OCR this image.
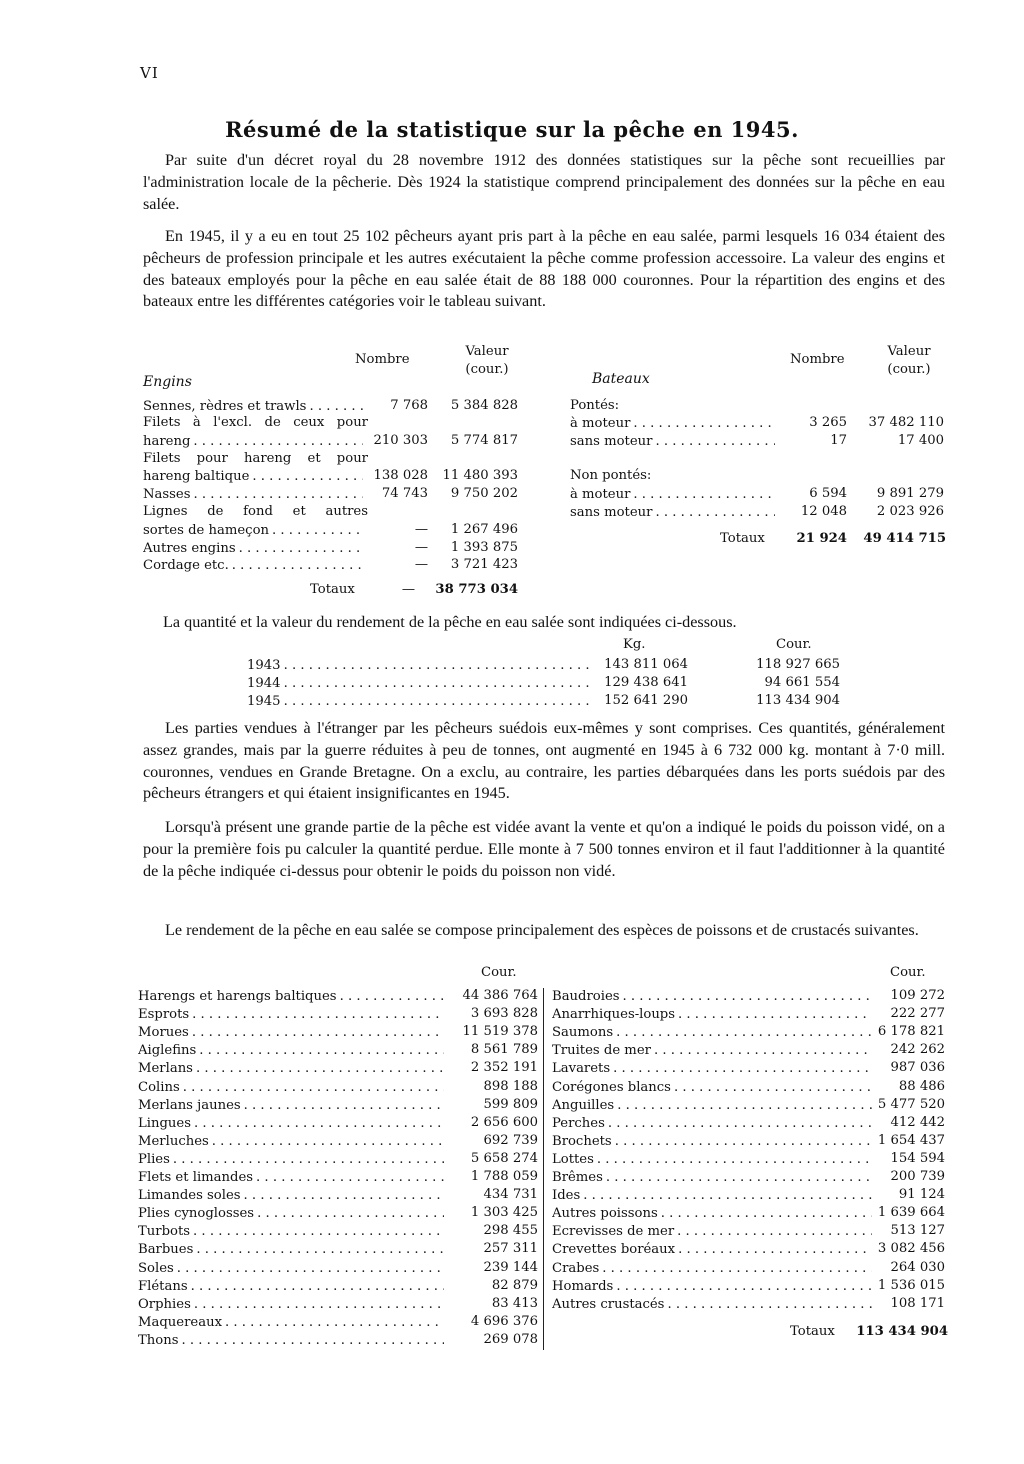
VI
Résumé de la statistique sur la pêche en 1945.
Par suite d'un décret royal du 28 novembre 1912 des données statistiques sur la pêche sont recueillies par l'administration locale de la pêcherie. Dès 1924 la statistique comprend principalement des données sur la pêche en eau salée.
En 1945, il y a eu en tout 25 102 pêcheurs ayant pris part à la pêche en eau salée, parmi lesquels 16 034 étaient des pêcheurs de profession principale et les autres exécutaient la pêche comme profession accessoire. La valeur des engins et des bateaux employés pour la pêche en eau salée était de 88 188 000 couronnes. Pour la répartition des engins et des bateaux entre les différentes catégories voir le tableau suivant.
Engins
Nombre
Valeur
(cour.)
Sennes, rèdres et trawls . . .	7 768	5 384 828
Filets à l'excl. de ceux pour
hareng . . .	210 303	5 774 817
Filets pour hareng et pour
hareng baltique . . .	138 028	11 480 393
Nasses . . .	74 743	9 750 202
Lignes de fond et autres
sortes de hameçon . . .	—	1 267 496
Autres engins . . .	—	1 393 875
Cordage etc. . . .	—	3 721 423
Totaux	—	38 773 034
Bateaux
Nombre
Valeur
(cour.)
Pontés:
à moteur . . .	3 265	37 482 110
sans moteur . . .	17	17 400
Non pontés:
à moteur . . .	6 594	9 891 279
sans moteur . . .	12 048	2 023 926
Totaux	21 924	49 414 715
La quantité et la valeur du rendement de la pêche en eau salée sont indiquées ci-dessous.
Kg.	Cour.
1943 . . .	143 811 064	118 927 665
1944 . . .	129 438 641	94 661 554
1945 . . .	152 641 290	113 434 904
Les parties vendues à l'étranger par les pêcheurs suédois eux-mêmes y sont comprises. Ces quantités, généralement assez grandes, mais par la guerre réduites à peu de tonnes, ont augmenté en 1945 à 6 732 000 kg. montant à 7·0 mill. couronnes, vendues en Grande Bretagne. On a exclu, au contraire, les parties débarquées dans les ports suédois par des pêcheurs étrangers et qui étaient insignificantes en 1945.
Lorsqu'à présent une grande partie de la pêche est vidée avant la vente et qu'on a indiqué le poids du poisson vidé, on a pour la première fois pu calculer la quantité perdue. Elle monte à 7 500 tonnes environ et il faut l'additionner à la quantité de la pêche indiquée ci-dessus pour obtenir le poids du poisson non vidé.
Le rendement de la pêche en eau salée se compose principalement des espèces de poissons et de crustacés suivantes.
Cour.	Cour.
Harengs et harengs baltiques . . .	44 386 764
Esprots . . .	3 693 828
Morues . . .	11 519 378
Aiglefins . . .	8 561 789
Merlans . . .	2 352 191
Colins . . .	898 188
Merlans jaunes . . .	599 809
Lingues . . .	2 656 600
Merluches . . .	692 739
Plies . . .	5 658 274
Flets et limandes . . .	1 788 059
Limandes soles . . .	434 731
Plies cynoglosses . . .	1 303 425
Turbots . . .	298 455
Barbues . . .	257 311
Soles . . .	239 144
Flétans . . .	82 879
Orphies . . .	83 413
Maquereaux . . .	4 696 376
Thons . . .	269 078
Baudroies . . .	109 272
Anarrhiques-loups . . .	222 277
Saumons . . .	6 178 821
Truites de mer . . .	242 262
Lavarets . . .	987 036
Corégones blancs . . .	88 486
Anguilles . . .	5 477 520
Perches . . .	412 442
Brochets . . .	1 654 437
Lottes . . .	154 594
Brêmes . . .	200 739
Ides . . .	91 124
Autres poissons . . .	1 639 664
Ecrevisses de mer . . .	513 127
Crevettes boréaux . . .	3 082 456
Crabes . . .	264 030
Homards . . .	1 536 015
Autres crustacés . . .	108 171
Totaux	113 434 904
